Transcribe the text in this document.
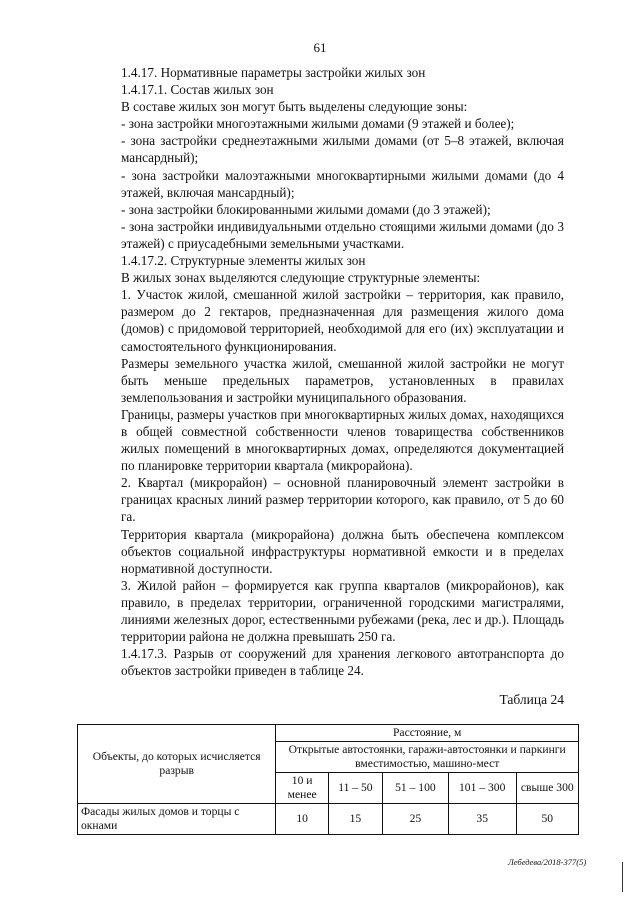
61

1.4.17. Нормативные параметры застройки жилых зон

1.4.17.1. Состав жилых зон

В составе жилых зон могут быть выделены следующие зоны:

- зона застройки многоэтажными жилыми домами (9 этажей и более);

- зона застройки среднеэтажными жилыми домами (от 5–8 этажей, включая мансардный);

- зона застройки малоэтажными многоквартирными жилыми домами (до 4 этажей, включая мансардный);

- зона застройки блокированными жилыми домами (до 3 этажей);

- зона застройки индивидуальными отдельно стоящими жилыми домами (до 3 этажей) с приусадебными земельными участками.

1.4.17.2. Структурные элементы жилых зон

В жилых зонах выделяются следующие структурные элементы:

1. Участок жилой, смешанной жилой застройки – территория, как правило, размером до 2 гектаров, предназначенная для размещения жилого дома (домов) с придомовой территорией, необходимой для его (их) эксплуатации и самостоятельного функционирования.

Размеры земельного участка жилой, смешанной жилой застройки не могут быть меньше предельных параметров, установленных в правилах землепользования и застройки муниципального образования.

Границы, размеры участков при многоквартирных жилых домах, находящихся в общей совместной собственности членов товарищества собственников жилых помещений в многоквартирных домах, определяются документацией по планировке территории квартала (микрорайона).

2. Квартал (микрорайон) – основной планировочный элемент застройки в границах красных линий размер территории которого, как правило, от 5 до 60 га.

Территория квартала (микрорайона) должна быть обеспечена комплексом объектов социальной инфраструктуры нормативной емкости и в пределах нормативной доступности.

3. Жилой район – формируется как группа кварталов (микрорайонов), как правило, в пределах территории, ограниченной городскими магистралями, линиями железных дорог, естественными рубежами (река, лес и др.). Площадь территории района не должна превышать 250 га.

1.4.17.3. Разрыв от сооружений для хранения легкового автотранспорта до объектов застройки приведен в таблице 24.

Таблица 24
Объекты, до которых исчисляется разрыв	Расстояние, м				
	Открытые автостоянки, гаражи-автостоянки и паркинги вместимостью, машино-мест				
	10 и менее	11 – 50	51 – 100	101 – 300	свыше 300
Фасады жилых домов и торцы с окнами	10	15	25	35	50
Лебедева/2018-377(5)
